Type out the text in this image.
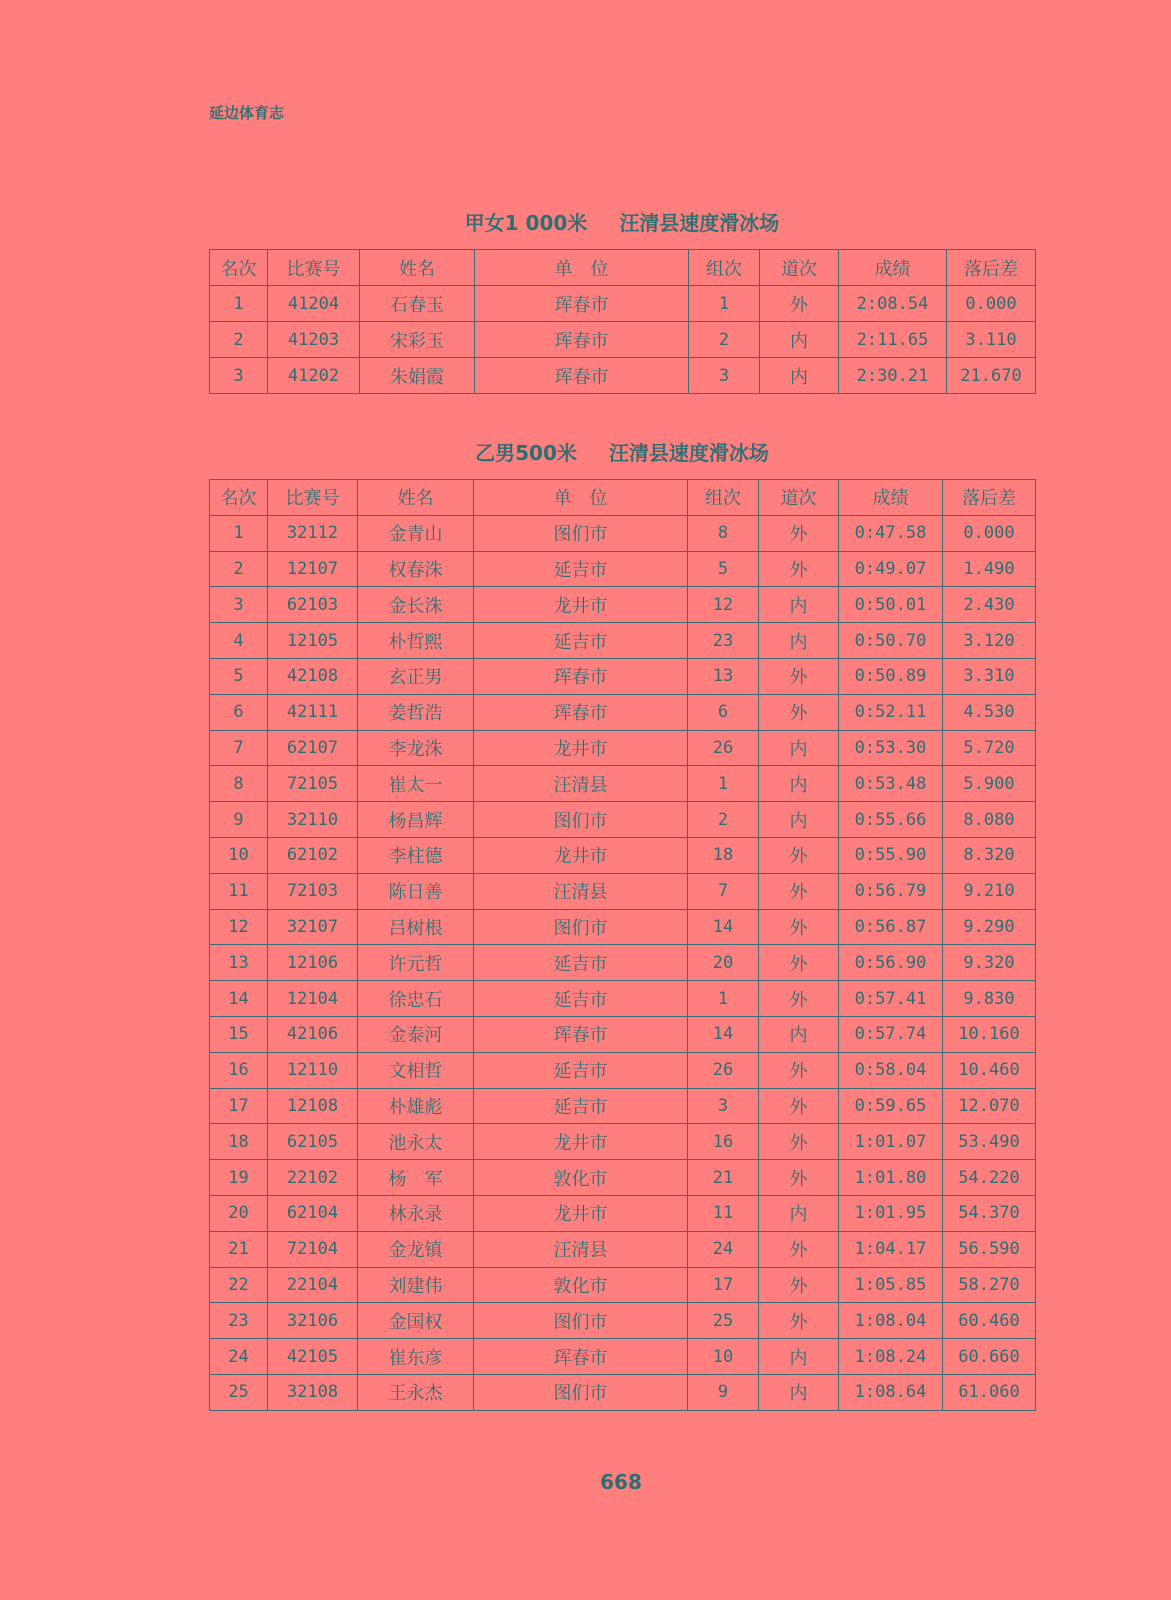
延边体育志
甲女1 000米 汪清县速度滑冰场
名次	比赛号	姓名	单　位	组次	道次	成绩	落后差
1	41204	石春玉	珲春市	1	外	2:08.54	0.000
2	41203	宋彩玉	珲春市	2	内	2:11.65	3.110
3	41202	朱娟霞	珲春市	3	内	2:30.21	21.670
乙男500米 汪清县速度滑冰场
名次	比赛号	姓名	单　位	组次	道次	成绩	落后差
1	32112	金青山	图们市	8	外	0:47.58	0.000
2	12107	权春洙	延吉市	5	外	0:49.07	1.490
3	62103	金长洙	龙井市	12	内	0:50.01	2.430
4	12105	朴哲熙	延吉市	23	内	0:50.70	3.120
5	42108	玄正男	珲春市	13	外	0:50.89	3.310
6	42111	姜哲浩	珲春市	6	外	0:52.11	4.530
7	62107	李龙洙	龙井市	26	内	0:53.30	5.720
8	72105	崔太一	汪清县	1	内	0:53.48	5.900
9	32110	杨昌辉	图们市	2	内	0:55.66	8.080
10	62102	李柱德	龙井市	18	外	0:55.90	8.320
11	72103	陈日善	汪清县	7	外	0:56.79	9.210
12	32107	吕树根	图们市	14	外	0:56.87	9.290
13	12106	许元哲	延吉市	20	外	0:56.90	9.320
14	12104	徐忠石	延吉市	1	外	0:57.41	9.830
15	42106	金泰河	珲春市	14	内	0:57.74	10.160
16	12110	文相哲	延吉市	26	外	0:58.04	10.460
17	12108	朴雄彪	延吉市	3	外	0:59.65	12.070
18	62105	池永太	龙井市	16	外	1:01.07	53.490
19	22102	杨　军	敦化市	21	外	1:01.80	54.220
20	62104	林永录	龙井市	11	内	1:01.95	54.370
21	72104	金龙镇	汪清县	24	外	1:04.17	56.590
22	22104	刘建伟	敦化市	17	外	1:05.85	58.270
23	32106	金国权	图们市	25	外	1:08.04	60.460
24	42105	崔东彦	珲春市	10	内	1:08.24	60.660
25	32108	王永杰	图们市	9	内	1:08.64	61.060
668
